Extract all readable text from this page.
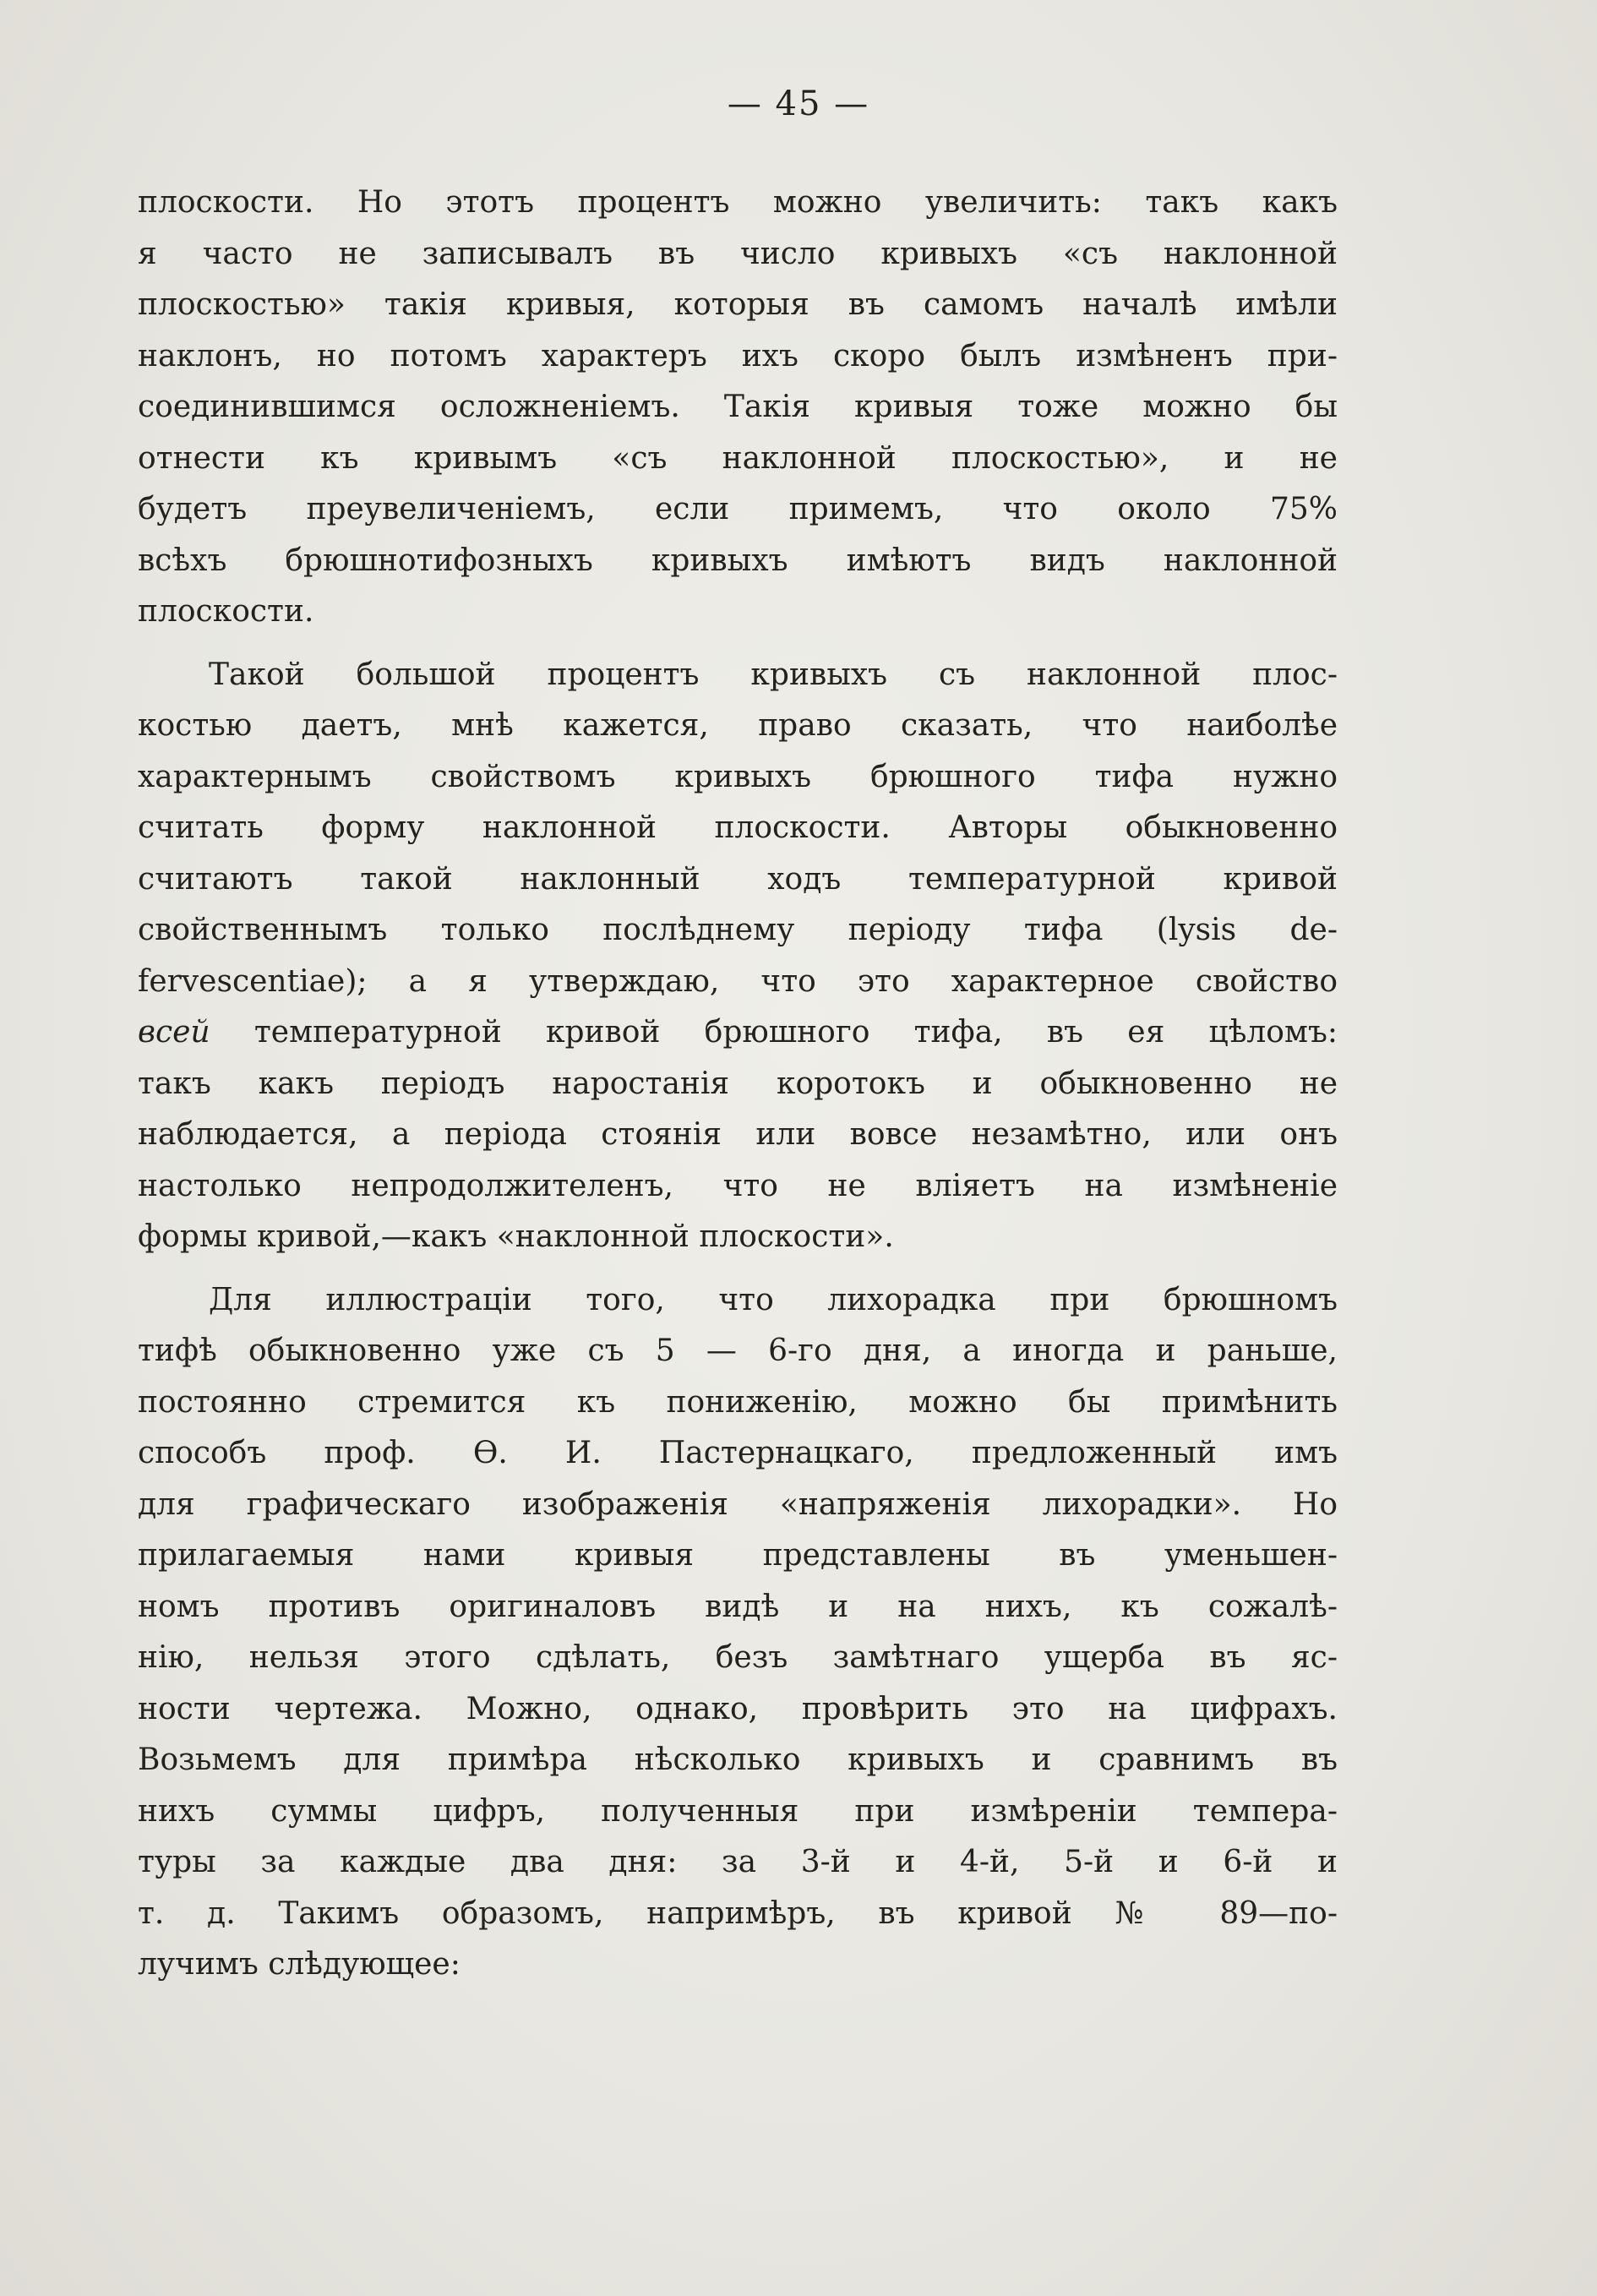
— 45 —
плоскости. Но этотъ процентъ можно увеличить: такъ какъ
я часто не записывалъ въ число кривыхъ «съ наклонной
плоскостью» такія кривыя, которыя въ самомъ началѣ имѣли
наклонъ, но потомъ характеръ ихъ скоро былъ измѣненъ при-
соединившимся осложненіемъ. Такія кривыя тоже можно бы
отнести къ кривымъ «съ наклонной плоскостью», и не
будетъ преувеличеніемъ, если примемъ, что около 75%
всѣхъ брюшнотифозныхъ кривыхъ имѣютъ видъ наклонной
плоскости.
Такой большой процентъ кривыхъ съ наклонной плос-
костью даетъ, мнѣ кажется, право сказать, что наиболѣе
характернымъ свойствомъ кривыхъ брюшного тифа нужно
считать форму наклонной плоскости. Авторы обыкновенно
считаютъ такой наклонный ходъ температурной кривой
свойственнымъ только послѣднему періоду тифа (lysis de-
fervescentiae); а я утверждаю, что это характерное свойство
всей температурной кривой брюшного тифа, въ ея цѣломъ:
такъ какъ періодъ наростанія коротокъ и обыкновенно не
наблюдается, а періода стоянія или вовсе незамѣтно, или онъ
настолько непродолжителенъ, что не вліяетъ на измѣненіе
формы кривой,—какъ «наклонной плоскости».
Для иллюстраціи того, что лихорадка при брюшномъ
тифѣ обыкновенно уже съ 5 — 6-го дня, а иногда и раньше,
постоянно стремится къ пониженію, можно бы примѣнить
способъ проф. Ѳ. И. Пастернацкаго, предложенный имъ
для графическаго изображенія «напряженія лихорадки». Но
прилагаемыя нами кривыя представлены въ уменьшен-
номъ противъ оригиналовъ видѣ и на нихъ, къ сожалѣ-
нію, нельзя этого сдѣлать, безъ замѣтнаго ущерба въ яс-
ности чертежа. Можно, однако, провѣрить это на цифрахъ.
Возьмемъ для примѣра нѣсколько кривыхъ и сравнимъ въ
нихъ суммы цифръ, полученныя при измѣреніи темпера-
туры за каждые два дня: за 3-й и 4-й, 5-й и 6-й и
т. д. Такимъ образомъ, напримѣръ, въ кривой № 89—по-
лучимъ слѣдующее:
